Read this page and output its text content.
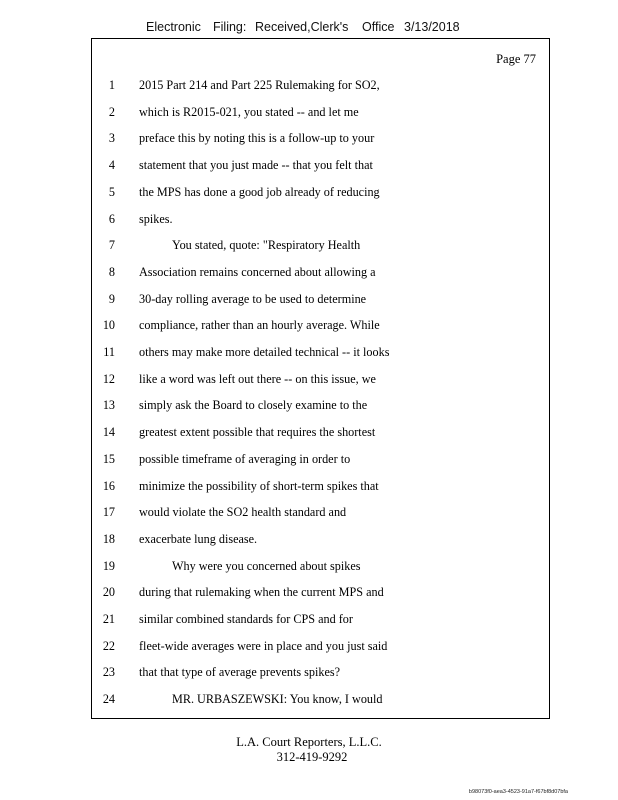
Electronic Filing: Received,Clerk's Office 3/13/2018
Page 77
1 2015 Part 214 and Part 225 Rulemaking for SO2,
2 which is R2015-021, you stated -- and let me
3 preface this by noting this is a follow-up to your
4 statement that you just made -- that you felt that
5 the MPS has done a good job already of reducing
6 spikes.
7	You stated, quote: "Respiratory Health
8 Association remains concerned about allowing a
9 30-day rolling average to be used to determine
10 compliance, rather than an hourly average. While
11 others may make more detailed technical -- it looks
12 like a word was left out there -- on this issue, we
13 simply ask the Board to closely examine to the
14 greatest extent possible that requires the shortest
15 possible timeframe of averaging in order to
16 minimize the possibility of short-term spikes that
17 would violate the SO2 health standard and
18 exacerbate lung disease.
19	Why were you concerned about spikes
20 during that rulemaking when the current MPS and
21 similar combined standards for CPS and for
22 fleet-wide averages were in place and you just said
23 that that type of average prevents spikes?
24	MR. URBASZEWSKI: You know, I would
L.A. Court Reporters, L.L.C.
312-419-9292
b98073f0-aea3-4523-91a7-f67bf8d07bfa
